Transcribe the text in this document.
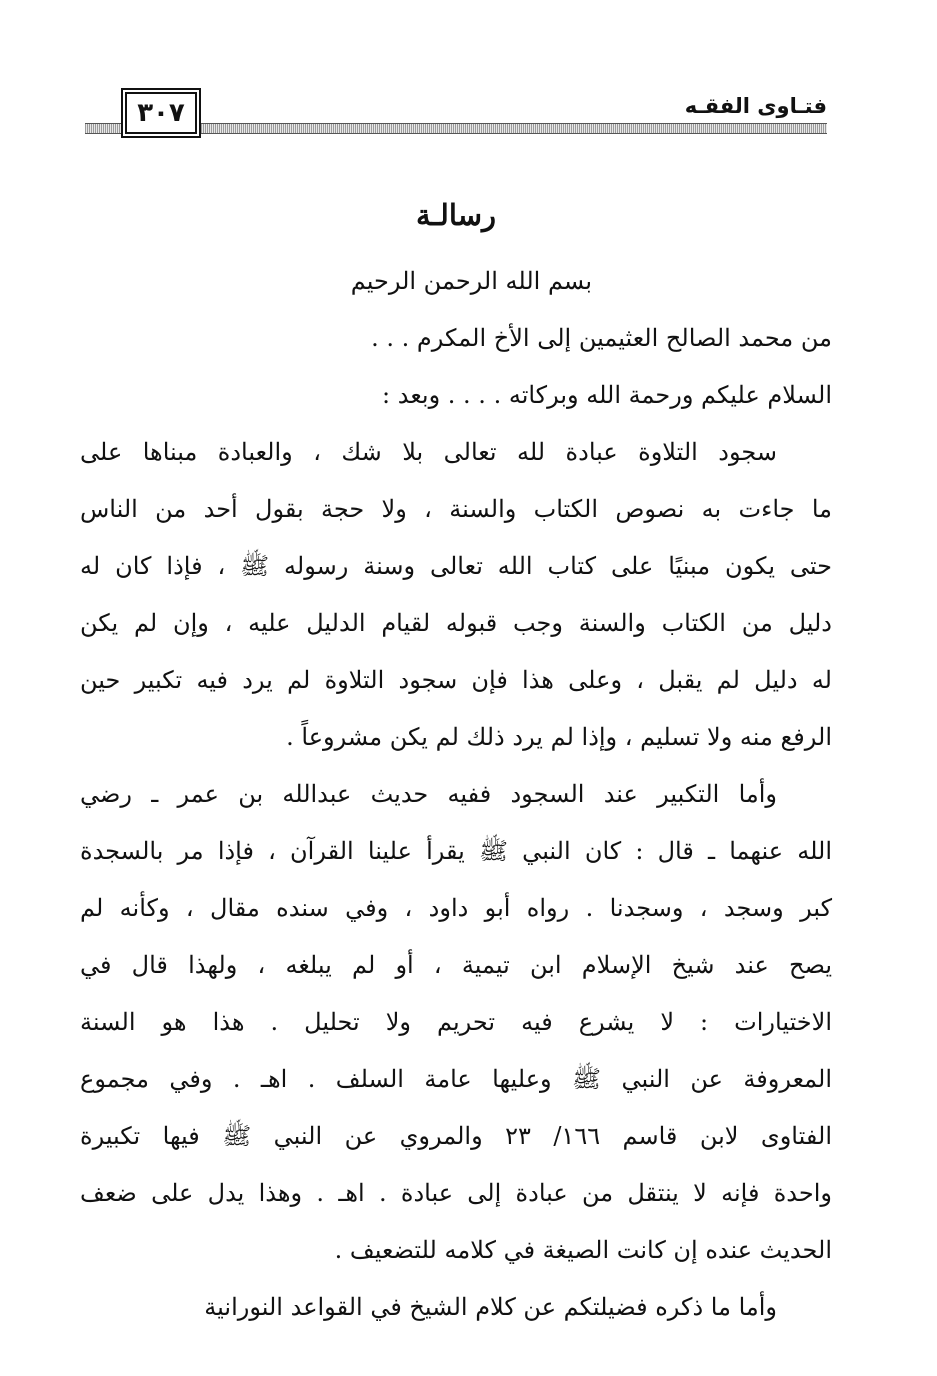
فتـاوى الفقـه
٣٠٧
رسالـة
بسم الله الرحمن الرحيم
من محمد الصالح العثيمين إلى الأخ المكرم . . .
السلام عليكم ورحمة الله وبركاته . . . . وبعد :
سجود التلاوة عبادة لله تعالى بلا شك ، والعبادة مبناها على
ما جاءت به نصوص الكتاب والسنة ، ولا حجة بقول أحد من الناس
حتى يكون مبنيًا على كتاب الله تعالى وسنة رسوله ﷺ ، فإذا كان له
دليل من الكتاب والسنة وجب قبوله لقيام الدليل عليه ، وإن لم يكن
له دليل لم يقبل ، وعلى هذا فإن سجود التلاوة لم يرد فيه تكبير حين
الرفع منه ولا تسليم ، وإذا لم يرد ذلك لم يكن مشروعاً .
وأما التكبير عند السجود ففيه حديث عبدالله بن عمر ـ رضي
الله عنهما ـ قال : كان النبي ﷺ يقرأ علينا القرآن ، فإذا مر بالسجدة
كبر وسجد ، وسجدنا . رواه أبو داود ، وفي سنده مقال ، وكأنه لم
يصح عند شيخ الإسلام ابن تيمية ، أو لم يبلغه ، ولهذا قال في
الاختيارات : لا يشرع فيه تحريم ولا تحليل . هذا هو السنة
المعروفة عن النبي ﷺ وعليها عامة السلف . اهـ . وفي مجموع
الفتاوى لابن قاسم ١٦٦/ ٢٣ والمروي عن النبي ﷺ فيها تكبيرة
واحدة فإنه لا ينتقل من عبادة إلى عبادة . اهـ . وهذا يدل على ضعف
الحديث عنده إن كانت الصيغة في كلامه للتضعيف .
وأما ما ذكره فضيلتكم عن كلام الشيخ في القواعد النورانية
